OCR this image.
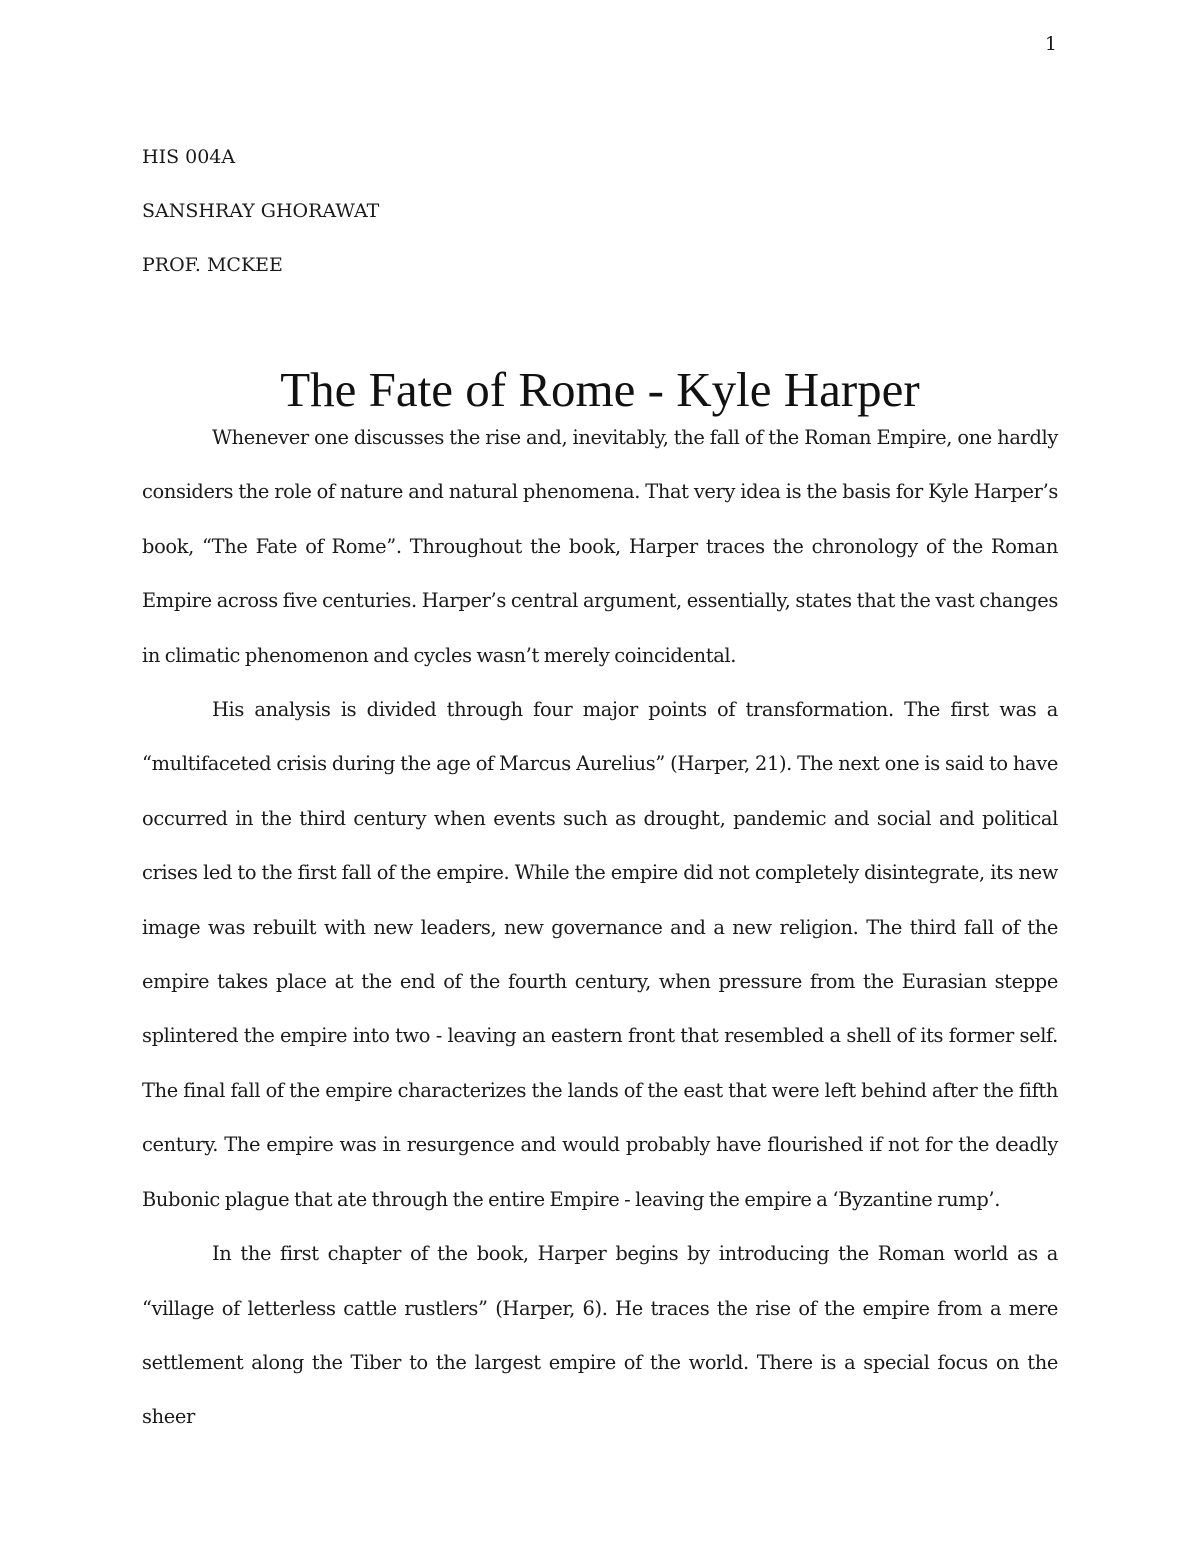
1
HIS 004A
SANSHRAY GHORAWAT
PROF. MCKEE
The Fate of Rome - Kyle Harper

Whenever one discusses the rise and, inevitably, the fall of the Roman Empire, one hardly considers the role of nature and natural phenomena. That very idea is the basis for Kyle Harper’s book, “The Fate of Rome”. Throughout the book, Harper traces the chronology of the Roman Empire across five centuries. Harper’s central argument, essentially, states that the vast changes in climatic phenomenon and cycles wasn’t merely coincidental.

His analysis is divided through four major points of transformation. The first was a “multifaceted crisis during the age of Marcus Aurelius” (Harper, 21). The next one is said to have occurred in the third century when events such as drought, pandemic and social and political crises led to the first fall of the empire. While the empire did not completely disintegrate, its new image was rebuilt with new leaders, new governance and a new religion. The third fall of the empire takes place at the end of the fourth century, when pressure from the Eurasian steppe splintered the empire into two - leaving an eastern front that resembled a shell of its former self. The final fall of the empire characterizes the lands of the east that were left behind after the fifth century. The empire was in resurgence and would probably have flourished if not for the deadly Bubonic plague that ate through the entire Empire - leaving the empire a ‘Byzantine rump’.

In the first chapter of the book, Harper begins by introducing the Roman world as a “village of letterless cattle rustlers” (Harper, 6). He traces the rise of the empire from a mere settlement along the Tiber to the largest empire of the world. There is a special focus on the sheer
